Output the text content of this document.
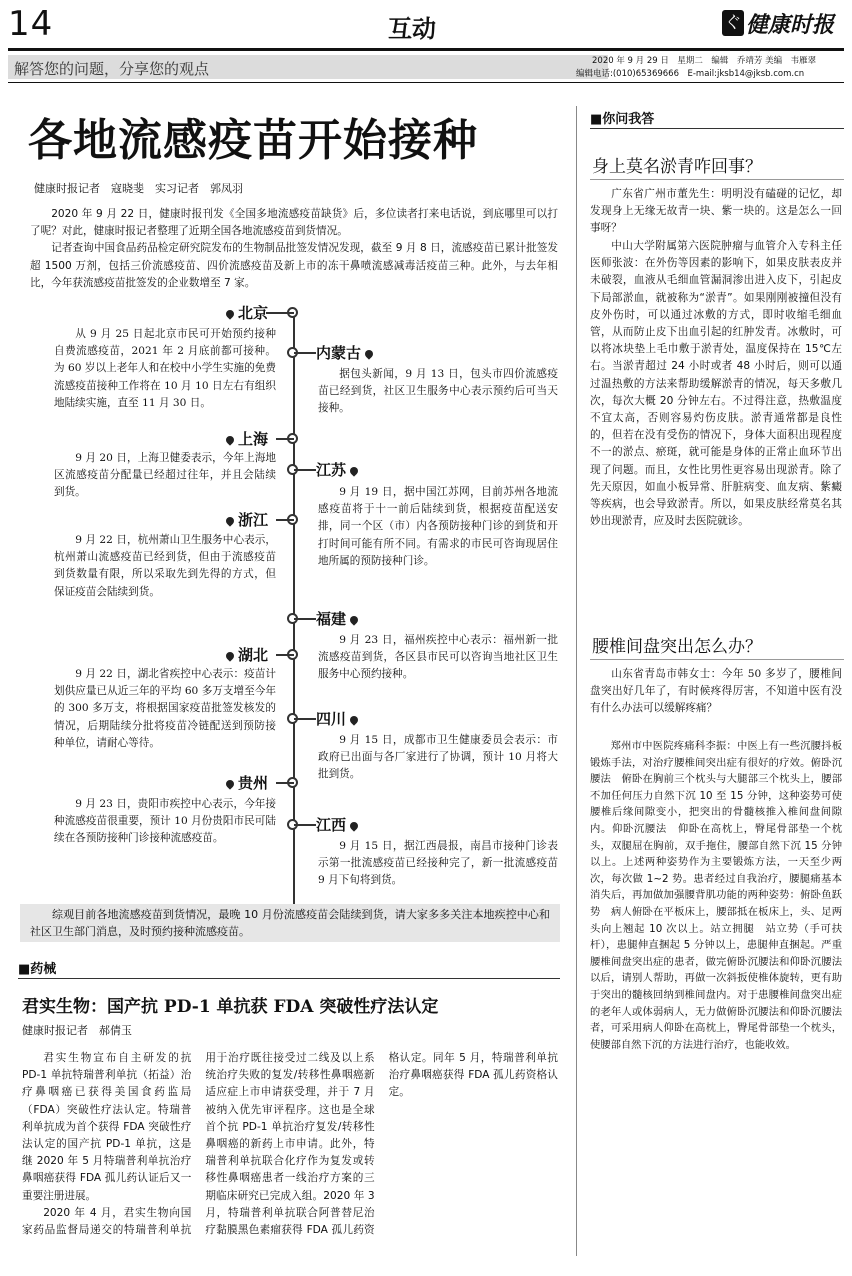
14	互动	ぐ 健康时报
解答您的问题，分享您的观点	2020 年 9 月 29 日　星期二　编辑　乔靖芳 美编　韦雁翠
编辑电话:(010)65369666　E-mail:jksb14@jksb.com.cn
各地流感疫苗开始接种
健康时报记者　寇晓斐　实习记者　郭凤羽

2020 年 9 月 22 日，健康时报刊发《全国多地流感疫苗缺货》后，多位读者打来电话说，到底哪里可以打了呢？对此，健康时报记者整理了近期全国各地流感疫苗到货情况。

记者查询中国食品药品检定研究院发布的生物制品批签发情况发现，截至 9 月 8 日，流感疫苗已累计批签发超 1500 万剂，包括三价流感疫苗、四价流感疫苗及新上市的冻干鼻喷流感减毒活疫苗三种。此外，与去年相比，今年获流感疫苗批签发的企业数增至 7 家。

北京

从 9 月 25 日起北京市民可开始预约接种自费流感疫苗，2021 年 2 月底前都可接种。为 60 岁以上老年人和在校中小学生实施的免费流感疫苗接种工作将在 10 月 10 日左右有组织地陆续实施，直至 11 月 30 日。

内蒙古

据包头新闻，9 月 13 日，包头市四价流感疫苗已经到货，社区卫生服务中心表示预约后可当天接种。

上海

9 月 20 日，上海卫健委表示，今年上海地区流感疫苗分配量已经超过往年，并且会陆续到货。

江苏

9 月 19 日，据中国江苏网，目前苏州各地流感疫苗将于十一前后陆续到货，根据疫苗配送安排，同一个区（市）内各预防接种门诊的到货和开打时间可能有所不同。有需求的市民可咨询现居住地所属的预防接种门诊。

浙江

9 月 22 日，杭州萧山卫生服务中心表示，杭州萧山流感疫苗已经到货，但由于流感疫苗到货数量有限，所以采取先到先得的方式，但保证疫苗会陆续到货。

福建

9 月 23 日，福州疾控中心表示：福州新一批流感疫苗到货，各区县市民可以咨询当地社区卫生服务中心预约接种。

湖北

9 月 22 日，湖北省疾控中心表示：疫苗计划供应量已从近三年的平均 60 多万支增至今年的 300 多万支，将根据国家疫苗批签发核发的情况，后期陆续分批将疫苗冷链配送到预防接种单位，请耐心等待。

四川

9 月 15 日，成都市卫生健康委员会表示：市政府已出面与各厂家进行了协调，预计 10 月将大批到货。

贵州

9 月 23 日，贵阳市疾控中心表示，今年接种流感疫苗很重要，预计 10 月份贵阳市民可陆续在各预防接种门诊接种流感疫苗。

江西

9 月 15 日，据江西晨报，南昌市接种门诊表示第一批流感疫苗已经接种完了，新一批流感疫苗 9 月下旬将到货。

综观目前各地流感疫苗到货情况，最晚 10 月份流感疫苗会陆续到货，请大家多多关注本地疾控中心和社区卫生部门消息，及时预约接种流感疫苗。

■药械
君实生物：国产抗 PD-1 单抗获 FDA 突破性疗法认定
健康时报记者　郝倩玉

君实生物宣布自主研发的抗 PD-1 单抗特瑞普利单抗（拓益）治疗鼻咽癌已获得美国食药监局（FDA）突破性疗法认定。特瑞普利单抗成为首个获得 FDA 突破性疗法认定的国产抗 PD-1 单抗，这是继 2020 年 5 月特瑞普利单抗治疗鼻咽癌获得 FDA 孤儿药认证后又一重要注册进展。

2020 年 4 月，君实生物向国家药品监督局递交的特瑞普利单抗用于治疗既往接受过二线及以上系统治疗失败的复发/转移性鼻咽癌新适应症上市申请获受理，并于 7 月被纳入优先审评程序。这也是全球首个抗 PD-1 单抗治疗复发/转移性鼻咽癌的新药上市申请。此外，特瑞普利单抗联合化疗作为复发或转移性鼻咽癌患者一线治疗方案的三期临床研究已完成入组。2020 年 3 月，特瑞普利单抗联合阿普替尼治疗黏膜黑色素瘤获得 FDA 孤儿药资格认定。同年 5 月，特瑞普利单抗治疗鼻咽癌获得 FDA 孤儿药资格认定。

■你问我答
身上莫名淤青咋回事？

广东省广州市董先生：明明没有磕碰的记忆，却发现身上无缘无故青一块、紫一块的。这是怎么一回事呀？

中山大学附属第六医院肿瘤与血管介入专科主任医师张波：在外伤等因素的影响下，如果皮肤表皮并未破裂，血液从毛细血管漏洞渗出进入皮下，引起皮下局部淤血，就被称为“淤青”。如果刚刚被撞但没有皮外伤时，可以通过冰敷的方式，即时收缩毛细血管，从而防止皮下出血引起的红肿发青。冰敷时，可以将冰块垫上毛巾敷于淤青处，温度保持在 15℃左右。当淤青超过 24 小时或者 48 小时后，则可以通过温热敷的方法来帮助缓解淤青的情况，每天多敷几次，每次大概 20 分钟左右。不过得注意，热敷温度不宜太高，否则容易灼伤皮肤。淤青通常都是良性的，但若在没有受伤的情况下，身体大面积出现程度不一的淤点、瘀斑，就可能是身体的正常止血环节出现了问题。而且，女性比男性更容易出现淤青。除了先天原因，如血小板异常、肝脏病变、血友病、紫癜等疾病，也会导致淤青。所以，如果皮肤经常莫名其妙出现淤青，应及时去医院就诊。

腰椎间盘突出怎么办？

山东省青岛市韩女士：今年 50 多岁了，腰椎间盘突出好几年了，有时候疼得厉害，不知道中医有没有什么办法可以缓解疼痛？

郑州市中医院疼痛科李振：中医上有一些沉腰抖板锻炼手法，对治疗腰椎间突出症有很好的疗效。俯卧沉腰法　俯卧在胸前三个枕头与大腿部三个枕头上，腰部不加任何压力自然下沉 10 至 15 分钟，这种姿势可使腰椎后缘间隙变小，把突出的骨髓核推入椎间盘间隙内。仰卧沉腰法　仰卧在高枕上，臀尾骨部垫一个枕头，双腿屈在胸前，双手拖住，腰部自然下沉 15 分钟以上。上述两种姿势作为主要锻炼方法，一天至少两次，每次做 1~2 势。患者经过自我治疗，腰腿痛基本消失后，再加做加强腰背肌功能的两种姿势：俯卧鱼跃势　病人俯卧在平板床上，腰部抵在板床上，头、足两头向上翘起 10 次以上。站立拥腿　站立势（手可扶杆），患腿伸直捆起 5 分钟以上，患腿伸直捆起。严重腰椎间盘突出症的患者，做完俯卧沉腰法和仰卧沉腰法以后，请别人帮助，再做一次斜扳使椎体旋转，更有助于突出的髓核回纳到椎间盘内。对于患腰椎间盘突出症的老年人或体弱病人，无力做俯卧沉腰法和仰卧沉腰法者，可采用病人仰卧在高枕上，臀尾骨部垫一个枕头，使腰部自然下沉的方法进行治疗，也能收效。
